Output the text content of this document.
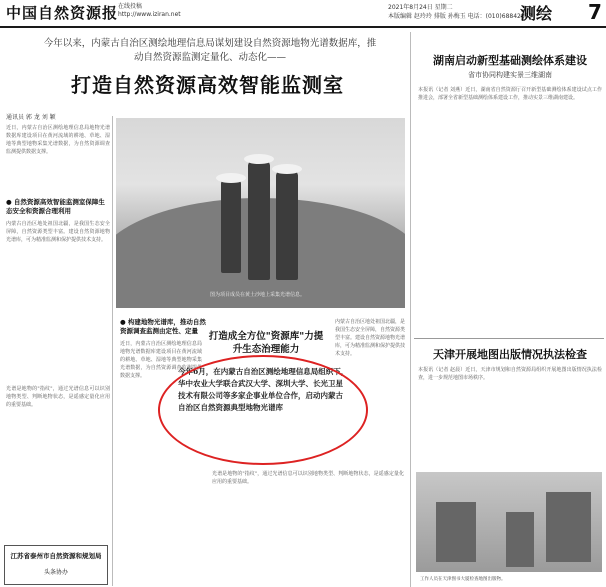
中国自然资源报 在线投稿
http://www.iziran.net
2021年8月24日 星期二
本版编辑 赵玲玲 排版 孙梅玉 电话：(010)68842807
测绘 7
今年以来，内蒙古自治区测绘地理信息局谋划建设自然资源地物光谱数据库，推动自然资源监测定量化、动态化——
打造自然资源高效智能监测室
通讯员 郭 龙 刘 颖
近日，内蒙古自治区测绘地理信息局地物光谱数据库建设项目在黄河流域的耕地、草地、湿地等典型地物采集光谱数据，为自然资源调查监测提供数据支撑。
● 自然资源高效智能监测室保障生态安全和资源合理利用
内蒙古自治区地处祖国北疆，是我国生态安全屏障，自然资源类型丰富。建设自然资源地物光谱库，可为精准监测和保护提供技术支持。
光谱是地物的"指纹"，通过光谱信息可以识别地物类型、判断地物状态，是遥感定量化应用的重要基础。
图为项目成员在黄土沙地上采集光谱信息。
● 构建地物光谱库，推动自然资源调查监测由定性、定量
近日，内蒙古自治区测绘地理信息局地物光谱数据库建设项目在黄河流域的耕地、草地、湿地等典型地物采集光谱数据，为自然资源调查监测提供数据支撑。
内蒙古自治区地处祖国北疆，是我国生态安全屏障，自然资源类型丰富。建设自然资源地物光谱库，可为精准监测和保护提供技术支持。
光谱是地物的"指纹"，通过光谱信息可以识别地物类型、判断地物状态，是遥感定量化应用的重要基础。
打造成全方位"资源库"力提升生态治理能力
今年6月，在内蒙古自治区测绘地理信息局组织下，华中农业大学联合武汉大学、深圳大学、长光卫星技术有限公司等多家企事业单位合作，启动内蒙古自治区自然资源典型地物光谱库
湖南启动新型基础测绘体系建设
省市协同构建实景三维湖南
本报讯（记者 刘燕）近日，湖南省自然资源厅召开新型基础测绘体系建设试点工作推进会，部署全省新型基础测绘体系建设工作，推动实景三维湖南建设。
天津开展地图出版情况执法检查
本报讯（记者 赵晨）近日，天津市规划和自然资源局组织开展地图出版情况执法检查，进一步规范地图市场秩序。
工作人员在天津图书大厦检查地图出版物。
江苏省泰州市自然资源和规划局
头条协办
